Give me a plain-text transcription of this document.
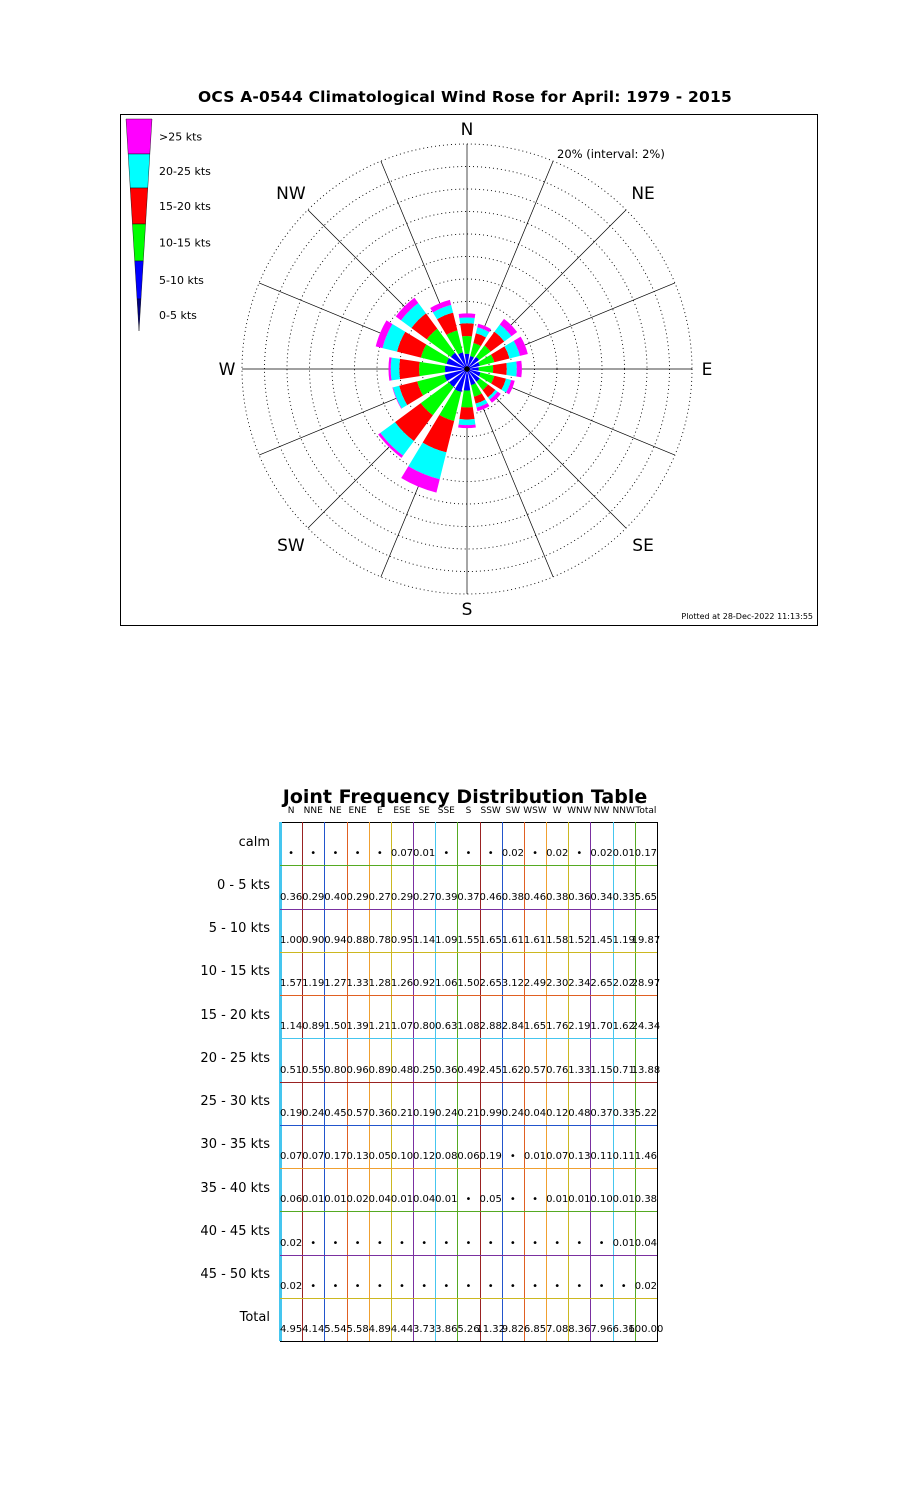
OCS A-0544 Climatological Wind Rose for April: 1979 - 2015
N
NE
E
SE
S
SW
W
NW
>25 kts
20-25 kts
15-20 kts
10-15 kts
5-10 kts
0-5 kts
20% (interval: 2%)
Plotted at 28-Dec-2022 11:13:55
Joint Frequency Distribution Table
N NNE NE ENE E ESE SE SSE S SSW SW WSW W WNW NW NNW Total
calm
• • • • • 0.07 0.01 • • • 0.02 • 0.02 • 0.02 0.01 0.17
0 - 5 kts
0.36 0.29 0.40 0.29 0.27 0.29 0.27 0.39 0.37 0.46 0.38 0.46 0.38 0.36 0.34 0.33 5.65
5 - 10 kts
1.00 0.90 0.94 0.88 0.78 0.95 1.14 1.09 1.55 1.65 1.61 1.61 1.58 1.52 1.45 1.19
19.87
10 - 15 kts
1.57 1.19 1.27 1.33 1.28 1.26 0.92 1.06 1.50 2.65 3.12 2.49 2.30 2.34 2.65 2.02
28.97
15 - 20 kts
1.14 0.89 1.50 1.39 1.21 1.07 0.80 0.63 1.08 2.88 2.84 1.65 1.76 2.19 1.70 1.62
24.34
20 - 25 kts
0.51 0.55 0.80 0.96 0.89 0.48 0.25 0.36 0.49 2.45 1.62 0.57 0.76 1.33 1.15 0.71
13.88
25 - 30 kts
0.19 0.24 0.45 0.57 0.36 0.21 0.19 0.24 0.21 0.99 0.24 0.04 0.12 0.48 0.37 0.33 5.22
30 - 35 kts
0.07 0.07 0.17 0.13 0.05 0.10 0.12 0.08 0.06 0.19 • 0.01 0.07 0.13 0.11 0.11 1.46
35 - 40 kts
0.06 0.01 0.01 0.02 0.04 0.01 0.04 0.01 • 0.05 • • 0.01 0.01 0.10 0.01 0.38
40 - 45 kts
0.02 • • • • • • • • • • • • • • 0.01 0.04
45 - 50 kts
0.02 • • • • • • • • • • • • • • • 0.02
Total
4.95 4.14 5.54 5.58 4.89 4.44 3.73 3.86 5.26
11.32
9.82 6.85 7.08 8.36 7.96 6.36
100.00
